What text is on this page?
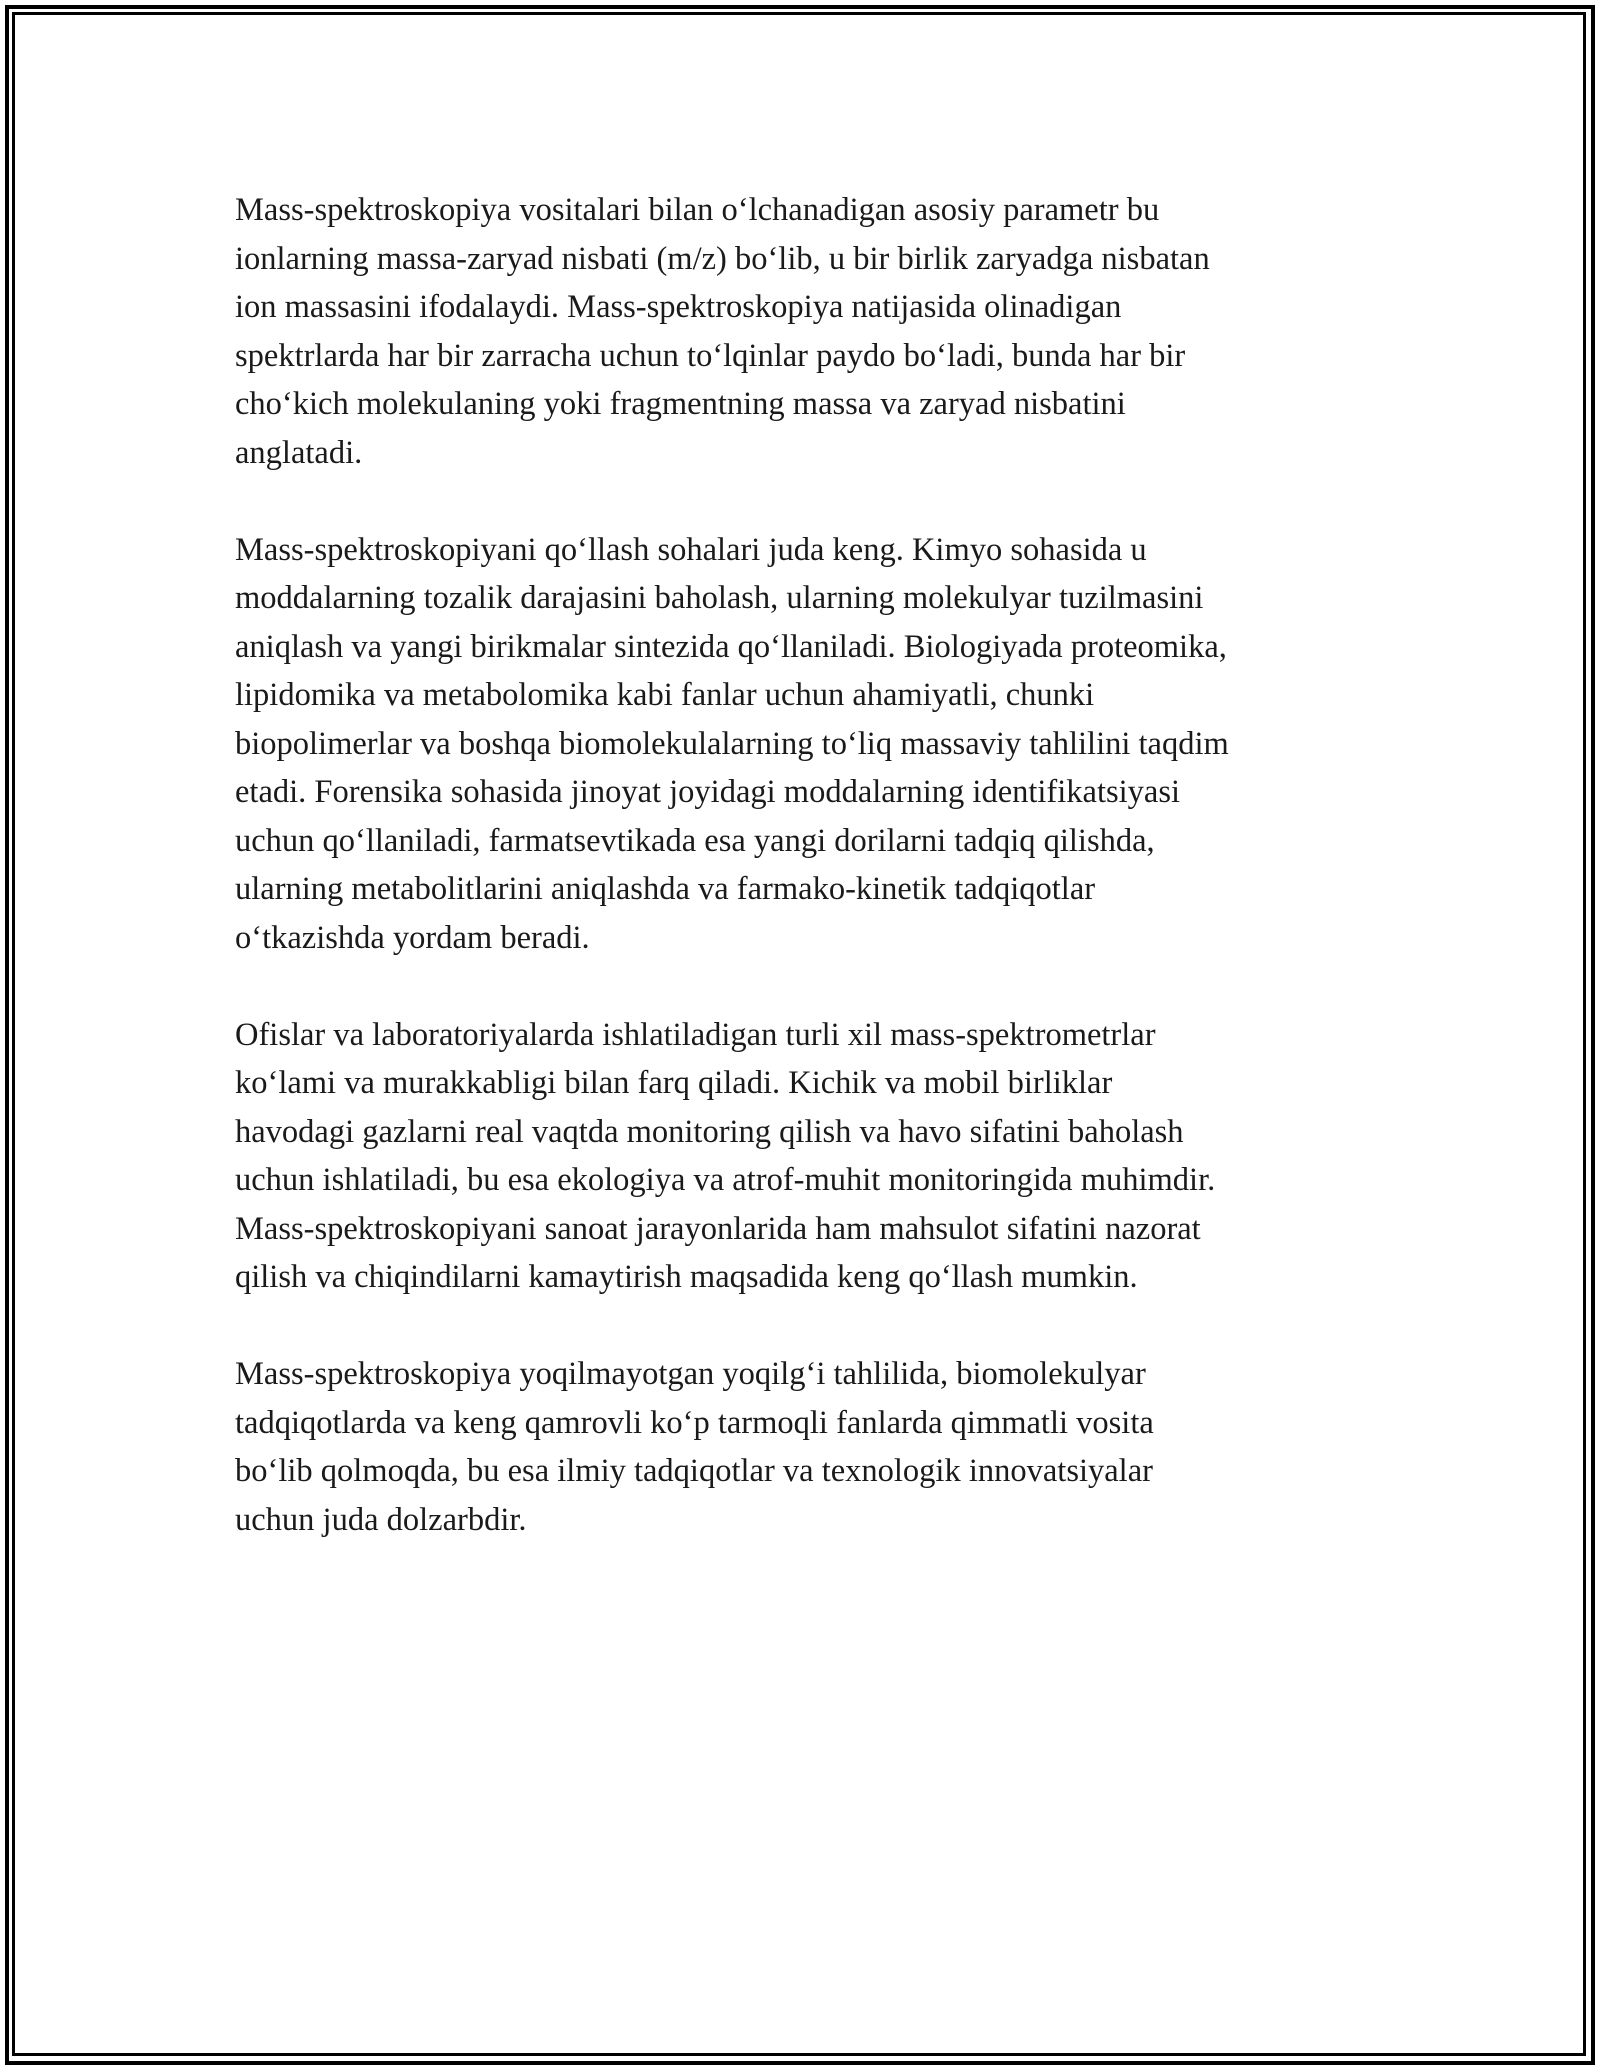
Mass-spektroskopiya vositalari bilan o‘lchanadigan asosiy parametr bu
ionlarning massa-zaryad nisbati (m/z) bo‘lib, u bir birlik zaryadga nisbatan
ion massasini ifodalaydi. Mass-spektroskopiya natijasida olinadigan
spektrlarda har bir zarracha uchun to‘lqinlar paydo bo‘ladi, bunda har bir
cho‘kich molekulaning yoki fragmentning massa va zaryad nisbatini
anglatadi.

Mass-spektroskopiyani qo‘llash sohalari juda keng. Kimyo sohasida u
moddalarning tozalik darajasini baholash, ularning molekulyar tuzilmasini
aniqlash va yangi birikmalar sintezida qo‘llaniladi. Biologiyada proteomika,
lipidomika va metabolomika kabi fanlar uchun ahamiyatli, chunki
biopolimerlar va boshqa biomolekulalarning to‘liq massaviy tahlilini taqdim
etadi. Forensika sohasida jinoyat joyidagi moddalarning identifikatsiyasi
uchun qo‘llaniladi, farmatsevtikada esa yangi dorilarni tadqiq qilishda,
ularning metabolitlarini aniqlashda va farmako-kinetik tadqiqotlar
o‘tkazishda yordam beradi.

Ofislar va laboratoriyalarda ishlatiladigan turli xil mass-spektrometrlar
ko‘lami va murakkabligi bilan farq qiladi. Kichik va mobil birliklar
havodagi gazlarni real vaqtda monitoring qilish va havo sifatini baholash
uchun ishlatiladi, bu esa ekologiya va atrof-muhit monitoringida muhimdir.
Mass-spektroskopiyani sanoat jarayonlarida ham mahsulot sifatini nazorat
qilish va chiqindilarni kamaytirish maqsadida keng qo‘llash mumkin.

Mass-spektroskopiya yoqilmayotgan yoqilg‘i tahlilida, biomolekulyar
tadqiqotlarda va keng qamrovli ko‘p tarmoqli fanlarda qimmatli vosita
bo‘lib qolmoqda, bu esa ilmiy tadqiqotlar va texnologik innovatsiyalar
uchun juda dolzarbdir.
